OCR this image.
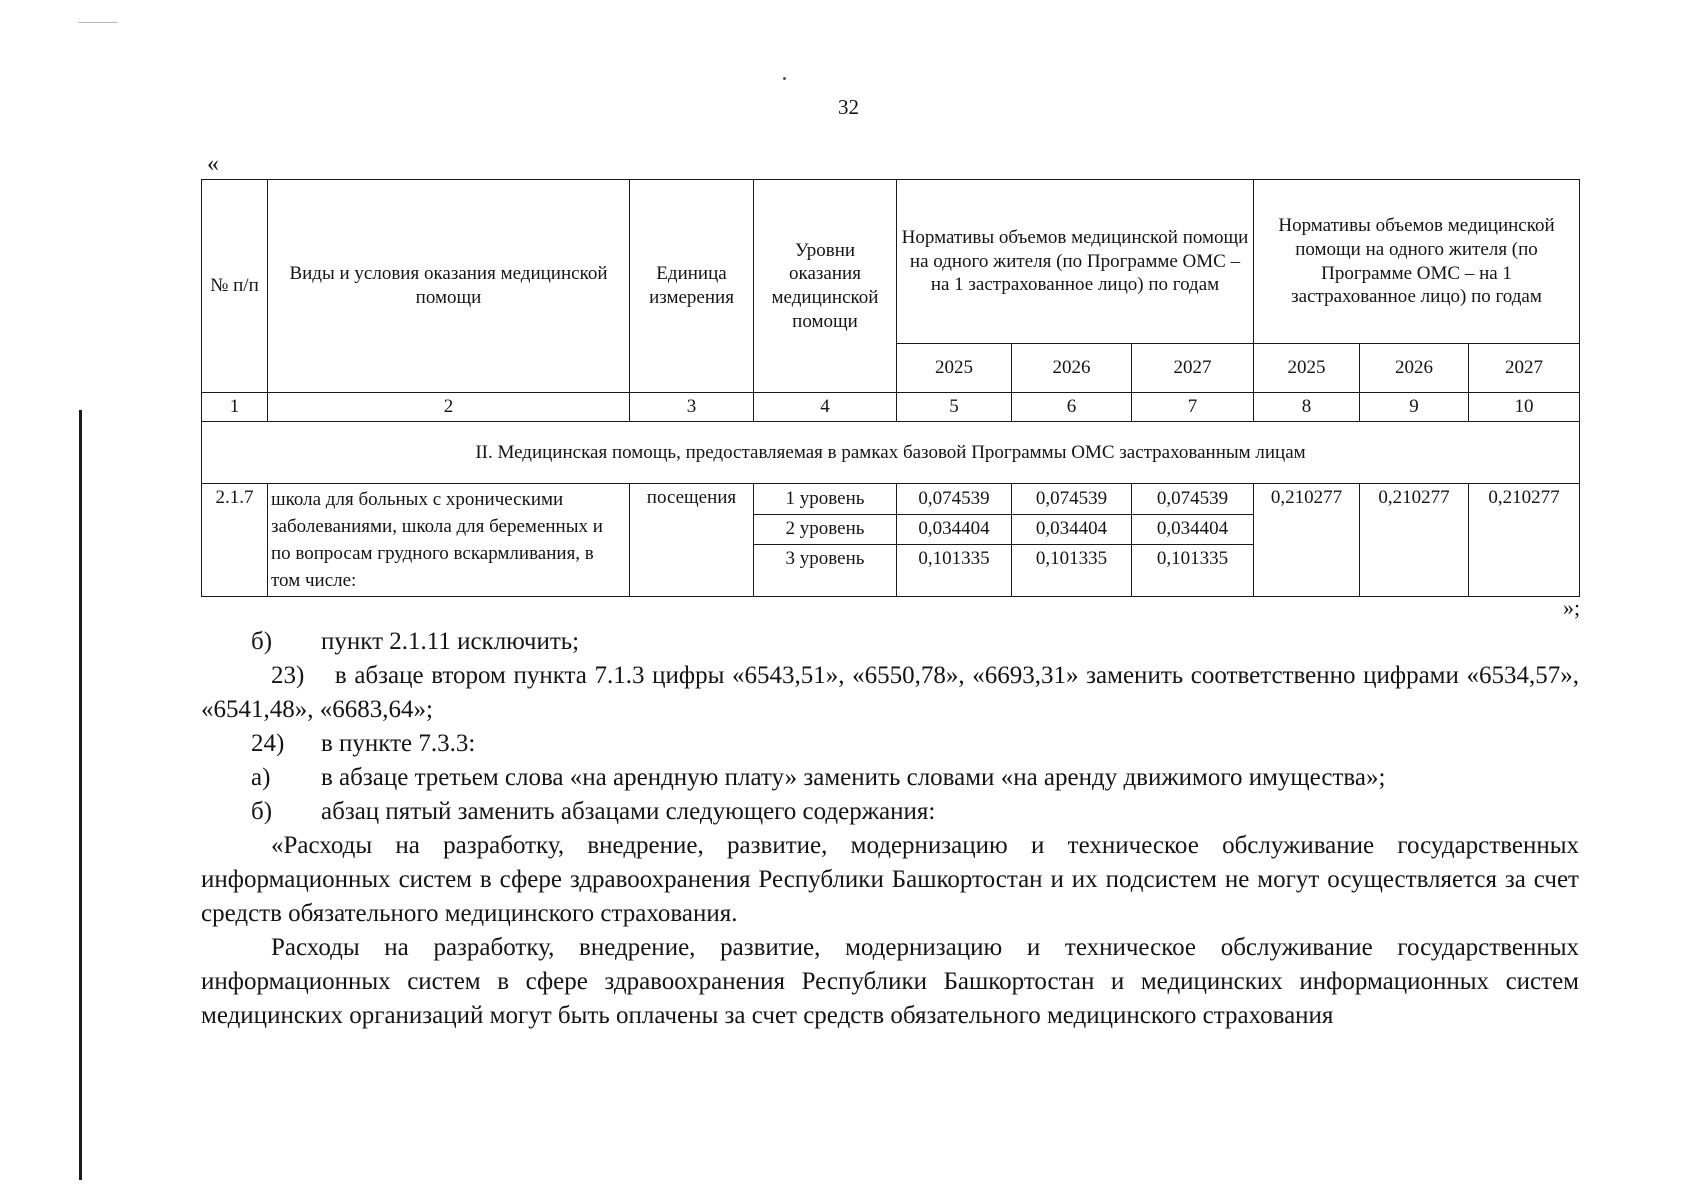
32
«
№ п/п	Виды и условия оказания медицинской помощи	Единица измерения	Уровни оказания медицинской помощи	Нормативы объемов медицинской помощи на одного жителя (по Программе ОМС – на 1 застрахованное лицо) по годам			Нормативы объемов медицинской помощи на одного жителя (по Программе ОМС – на 1 застрахованное лицо) по годам		
				2025	2026	2027	2025	2026	2027
1	2	3	4	5	6	7	8	9	10
II. Медицинская помощь, предоставляемая в рамках базовой Программы ОМС застрахованным лицам									
2.1.7	школа для больных с хроническими заболеваниями, школа для беременных и по вопросам грудного вскармливания, в том числе:	посещения	1 уровень	0,074539	0,074539	0,074539	0,210277	0,210277	0,210277
			2 уровень	0,034404	0,034404	0,034404			
			3 уровень	0,101335	0,101335	0,101335			
»;
б)	пункт 2.1.11 исключить;

23) в абзаце втором пункта 7.1.3 цифры «6543,51», «6550,78», «6693,31» заменить соответственно цифрами «6534,57», «6541,48», «6683,64»;

24)	в пункте 7.3.3:
а)	в абзаце третьем слова «на арендную плату» заменить словами «на аренду движимого имущества»;
б)	абзац пятый заменить абзацами следующего содержания:

«Расходы на разработку, внедрение, развитие, модернизацию и техническое обслуживание государственных информационных систем в сфере здравоохранения Республики Башкортостан и их подсистем не могут осуществляется за счет средств обязательного медицинского страхования.

Расходы на разработку, внедрение, развитие, модернизацию и техническое обслуживание государственных информационных систем в сфере здравоохранения Республики Башкортостан и медицинских информационных систем медицинских организаций могут быть оплачены за счет средств обязательного медицинского страхования
